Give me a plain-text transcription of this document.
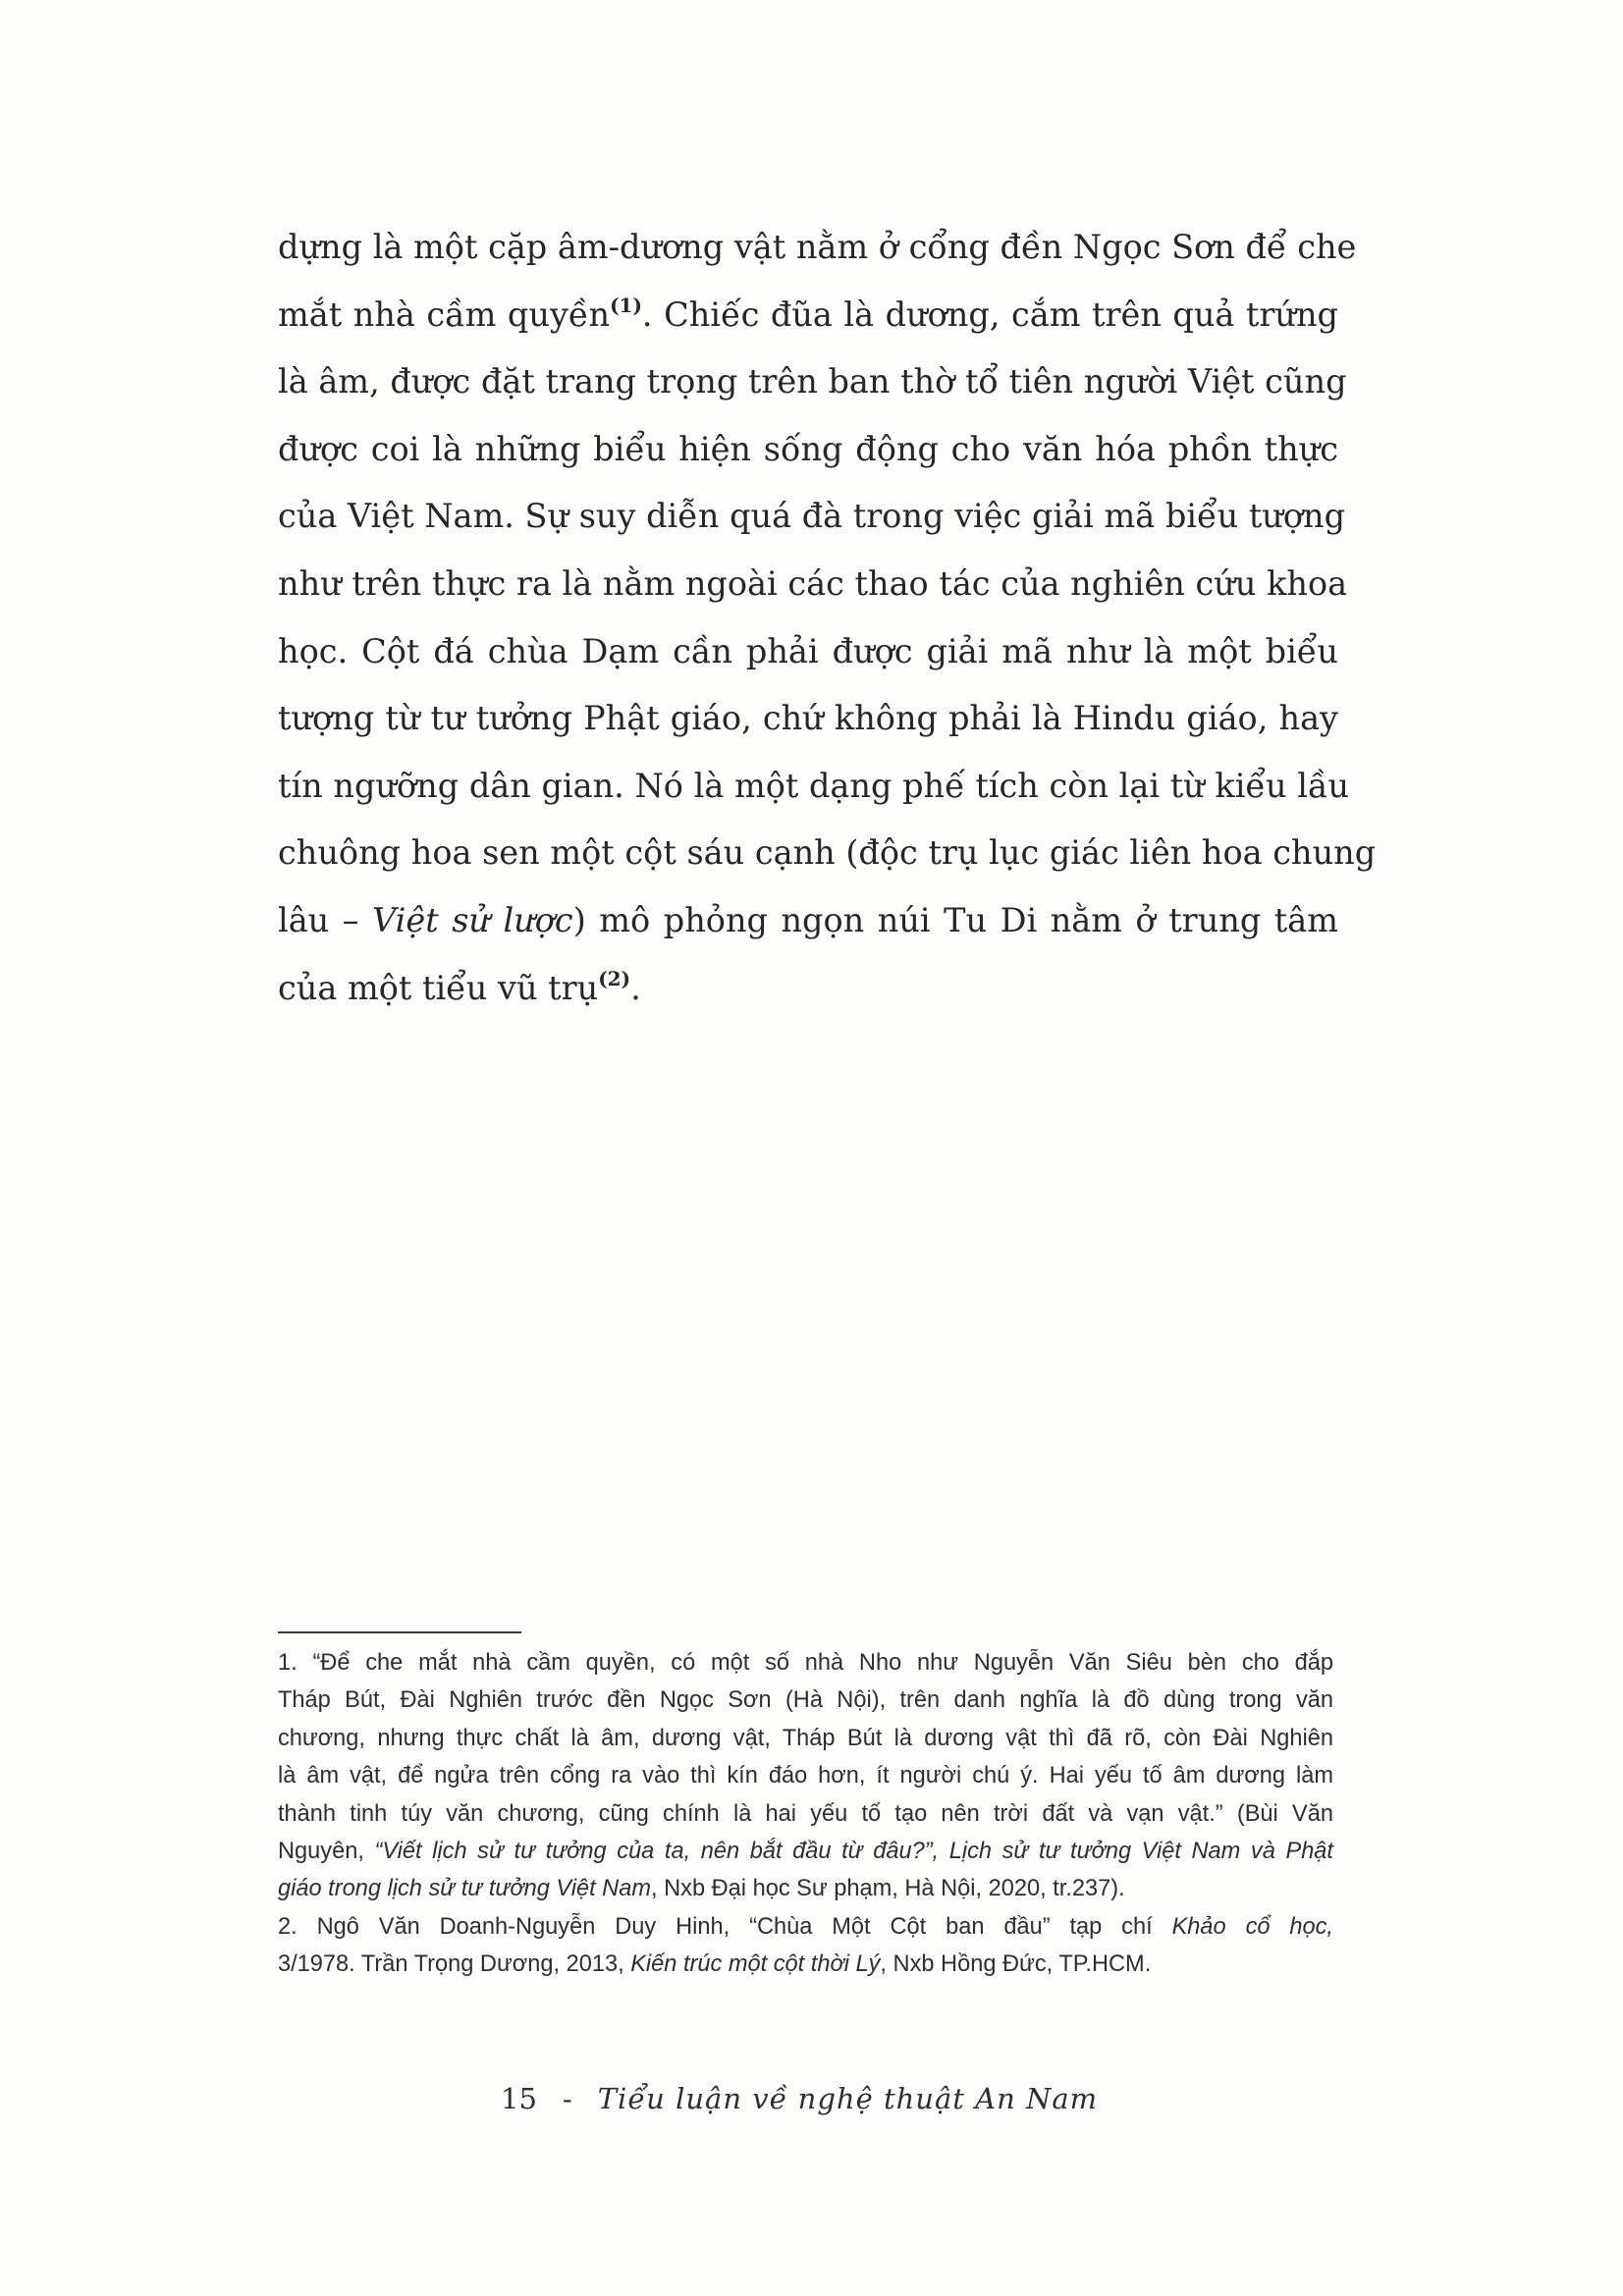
dựng là một cặp âm-dương vật nằm ở cổng đền Ngọc Sơn để che
mắt nhà cầm quyền$^{(1)}$. Chiếc đũa là dương, cắm trên quả trứng
là âm, được đặt trang trọng trên ban thờ tổ tiên người Việt cũng
được coi là những biểu hiện sống động cho văn hóa phồn thực
của Việt Nam. Sự suy diễn quá đà trong việc giải mã biểu tượng
như trên thực ra là nằm ngoài các thao tác của nghiên cứu khoa
học. Cột đá chùa Dạm cần phải được giải mã như là một biểu
tượng từ tư tưởng Phật giáo, chứ không phải là Hindu giáo, hay
tín ngưỡng dân gian. Nó là một dạng phế tích còn lại từ kiểu lầu
chuông hoa sen một cột sáu cạnh (độc trụ lục giác liên hoa chung
lâu – Việt sử lược) mô phỏng ngọn núi Tu Di nằm ở trung tâm
của một tiểu vũ trụ$^{(2)}$.
1. “Để che mắt nhà cầm quyền, có một số nhà Nho như Nguyễn Văn Siêu bèn cho đắp
Tháp Bút, Đài Nghiên trước đền Ngọc Sơn (Hà Nội), trên danh nghĩa là đồ dùng trong văn
chương, nhưng thực chất là âm, dương vật, Tháp Bút là dương vật thì đã rõ, còn Đài Nghiên
là âm vật, để ngửa trên cổng ra vào thì kín đáo hơn, ít người chú ý. Hai yếu tố âm dương làm
thành tinh túy văn chương, cũng chính là hai yếu tố tạo nên trời đất và vạn vật.” (Bùi Văn
Nguyên, “Viết lịch sử tư tưởng của ta, nên bắt đầu từ đâu?”, Lịch sử tư tưởng Việt Nam và Phật
giáo trong lịch sử tư tưởng Việt Nam, Nxb Đại học Sư phạm, Hà Nội, 2020, tr.237).
2. Ngô Văn Doanh-Nguyễn Duy Hinh, “Chùa Một Cột ban đầu” tạp chí Khảo cổ học,
3/1978. Trần Trọng Dương, 2013, Kiến trúc một cột thời Lý, Nxb Hồng Đức, TP.HCM.
15 - Tiểu luận về nghệ thuật An Nam
